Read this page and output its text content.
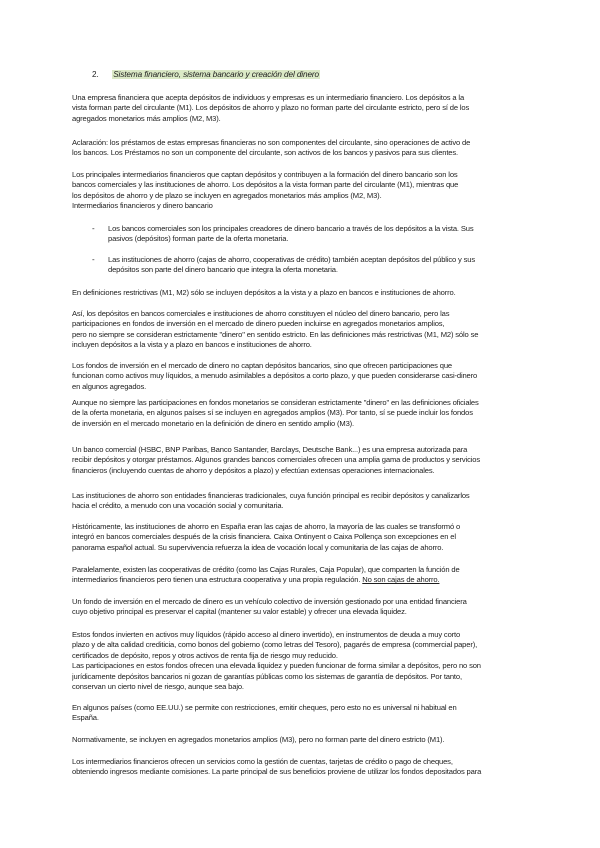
2. Sistema financiero, sistema bancario y creación del dinero
Una empresa financiera que acepta depósitos de individuos y empresas es un intermediario financiero. Los depósitos a la
vista forman parte del circulante (M1). Los depósitos de ahorro y plazo no forman parte del circulante estricto, pero sí de los
agregados monetarios más amplios (M2, M3).
Aclaración: los préstamos de estas empresas financieras no son componentes del circulante, sino operaciones de activo de
los bancos. Los Préstamos no son un componente del circulante, son activos de los bancos y pasivos para sus clientes.
Los principales intermediarios financieros que captan depósitos y contribuyen a la formación del dinero bancario son los
bancos comerciales y las instituciones de ahorro. Los depósitos a la vista forman parte del circulante (M1), mientras que
los depósitos de ahorro y de plazo se incluyen en agregados monetarios más amplios (M2, M3).
Intermediarios financieros y dinero bancario
- Los bancos comerciales son los principales creadores de dinero bancario a través de los depósitos a la vista. Sus
pasivos (depósitos) forman parte de la oferta monetaria.
- Las instituciones de ahorro (cajas de ahorro, cooperativas de crédito) también aceptan depósitos del público y sus
depósitos son parte del dinero bancario que integra la oferta monetaria.
En definiciones restrictivas (M1, M2) sólo se incluyen depósitos a la vista y a plazo en bancos e instituciones de ahorro.
Así, los depósitos en bancos comerciales e instituciones de ahorro constituyen el núcleo del dinero bancario, pero las
participaciones en fondos de inversión en el mercado de dinero pueden incluirse en agregados monetarios amplios,
pero no siempre se consideran estrictamente "dinero" en sentido estricto. En las definiciones más restrictivas (M1, M2) sólo se
incluyen depósitos a la vista y a plazo en bancos e instituciones de ahorro.
Los fondos de inversión en el mercado de dinero no captan depósitos bancarios, sino que ofrecen participaciones que
funcionan como activos muy líquidos, a menudo asimilables a depósitos a corto plazo, y que pueden considerarse casi-dinero
en algunos agregados.
Aunque no siempre las participaciones en fondos monetarios se consideran estrictamente "dinero" en las definiciones oficiales
de la oferta monetaria, en algunos países sí se incluyen en agregados amplios (M3). Por tanto, sí se puede incluir los fondos
de inversión en el mercado monetario en la definición de dinero en sentido amplio (M3).
Un banco comercial (HSBC, BNP Paribas, Banco Santander, Barclays, Deutsche Bank...) es una empresa autorizada para
recibir depósitos y otorgar préstamos. Algunos grandes bancos comerciales ofrecen una amplia gama de productos y servicios
financieros (incluyendo cuentas de ahorro y depósitos a plazo) y efectúan extensas operaciones internacionales.
Las instituciones de ahorro son entidades financieras tradicionales, cuya función principal es recibir depósitos y canalizarlos
hacia el crédito, a menudo con una vocación social y comunitaria.
Históricamente, las instituciones de ahorro en España eran las cajas de ahorro, la mayoría de las cuales se transformó o
integró en bancos comerciales después de la crisis financiera. Caixa Ontinyent o Caixa Pollença son excepciones en el
panorama español actual. Su supervivencia refuerza la idea de vocación local y comunitaria de las cajas de ahorro.
Paralelamente, existen las cooperativas de crédito (como las Cajas Rurales, Caja Popular), que comparten la función de
intermediarios financieros pero tienen una estructura cooperativa y una propia regulación. No son cajas de ahorro.
Un fondo de inversión en el mercado de dinero es un vehículo colectivo de inversión gestionado por una entidad financiera
cuyo objetivo principal es preservar el capital (mantener su valor estable) y ofrecer una elevada liquidez.
Estos fondos invierten en activos muy líquidos (rápido acceso al dinero invertido), en instrumentos de deuda a muy corto
plazo y de alta calidad crediticia, como bonos del gobierno (como letras del Tesoro), pagarés de empresa (commercial paper),
certificados de depósito, repos y otros activos de renta fija de riesgo muy reducido.
Las participaciones en estos fondos ofrecen una elevada liquidez y pueden funcionar de forma similar a depósitos, pero no son
jurídicamente depósitos bancarios ni gozan de garantías públicas como los sistemas de garantía de depósitos. Por tanto,
conservan un cierto nivel de riesgo, aunque sea bajo.
En algunos países (como EE.UU.) se permite con restricciones, emitir cheques, pero esto no es universal ni habitual en
España.
Normativamente, se incluyen en agregados monetarios amplios (M3), pero no forman parte del dinero estricto (M1).
Los intermediarios financieros ofrecen un servicios como la gestión de cuentas, tarjetas de crédito o pago de cheques,
obteniendo ingresos mediante comisiones. La parte principal de sus beneficios proviene de utilizar los fondos depositados para
